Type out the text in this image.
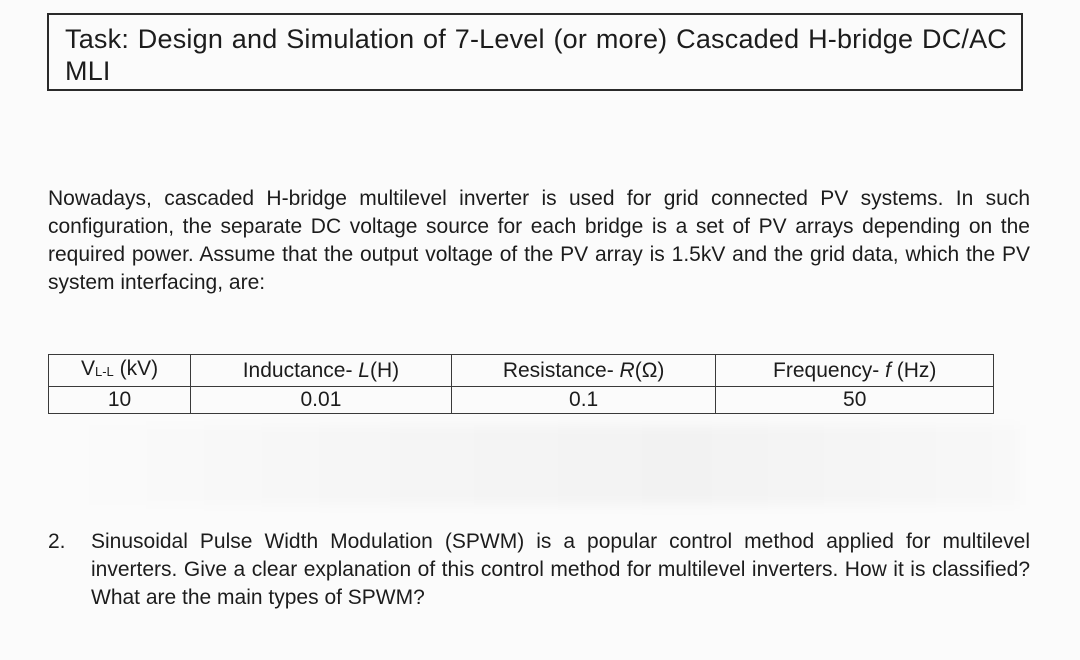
Task: Design and Simulation of 7-Level (or more) Cascaded H-bridge DC/AC MLI

Nowadays, cascaded H-bridge multilevel inverter is used for grid connected PV systems. In such configuration, the separate DC voltage source for each bridge is a set of PV arrays depending on the required power. Assume that the output voltage of the PV array is 1.5kV and the grid data, which the PV system interfacing, are:

VL-L (kV)	Inductance- L(H)	Resistance- R(Ω)	Frequency- f (Hz)
10	0.01	0.1	50
2. Sinusoidal Pulse Width Modulation (SPWM) is a popular control method applied for multilevel inverters. Give a clear explanation of this control method for multilevel inverters. How it is classified? What are the main types of SPWM?
